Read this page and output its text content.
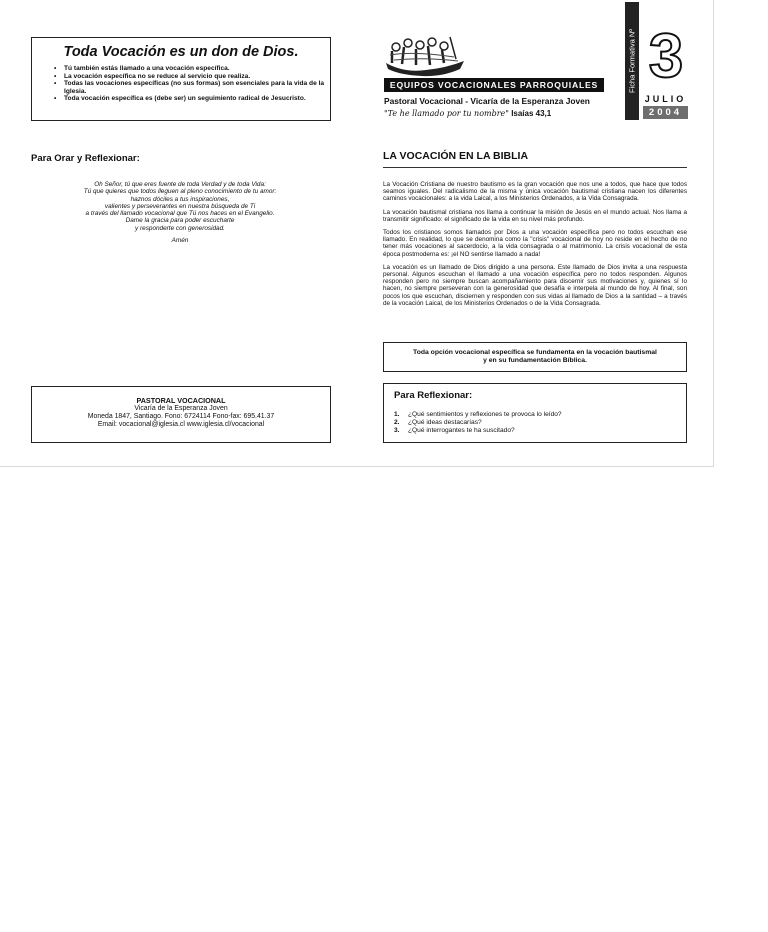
Toda Vocación es un don de Dios.
• Tú también estás llamado a una vocación específica.
• La vocación específica no se reduce al servicio que realiza.
• Todas las vocaciones específicas (no sus formas) son esenciales para la vida de la Iglesia.
• Toda vocación específica es (debe ser) un seguimiento radical de Jesucristo.
Para Orar y Reflexionar:
Oh Señor, tú que eres fuente de toda Verdad y de toda Vida:
Tú que quieres que todos lleguen al pleno conocimiento de tu amor:
haznos dóciles a tus inspiraciones,
valientes y perseverantes en nuestra búsqueda de Ti
a través del llamado vocacional que Tú nos haces en el Evangelio.
Dame la gracia para poder escucharte
y responderte con generosidad.
Amén
PASTORAL VOCACIONAL
Vicaría de la Esperanza Joven
Moneda 1847, Santiago. Fono: 6724114 Fono-fax: 695.41.37
Email: vocacional@iglesia.cl www.iglesia.cl/vocacional
EQUIPOS VOCACIONALES PARROQUIALES
Pastoral Vocacional - Vicaría de la Esperanza Joven
"Te he llamado por tu nombre" Isaías 43,1
Ficha Formativa Nº 3
JULIO
2004
LA VOCACIÓN EN LA BIBLIA

La Vocación Cristiana de nuestro bautismo es la gran vocación que nos une a todos, que hace que todos seamos iguales. Del radicalismo de la misma y única vocación bautismal cristiana nacen los diferentes caminos vocacionales: a la vida Laical, a los Ministerios Ordenados, a la Vida Consagrada.

La vocación bautismal cristiana nos llama a continuar la misión de Jesús en el mundo actual. Nos llama a transmitir significado: el significado de la vida en su nivel más profundo.

Todos los cristianos somos llamados por Dios a una vocación específica pero no todos escuchan ese llamado. En realidad, lo que se denomina como la "crisis" vocacional de hoy no reside en el hecho de no tener más vocaciones al sacerdocio, a la vida consagrada o al matrimonio. La crisis vocacional de esta época postmoderna es: ¡el NO sentirse llamado a nada!

La vocación es un llamado de Dios dirigido a una persona. Este llamado de Dios invita a una respuesta personal. Algunos escuchan el llamado a una vocación específica pero no todos responden. Algunos responden pero no siempre buscan acompañamiento para discernir sus motivaciones y, quienes sí lo hacen, no siempre perseveran con la generosidad que desafía e interpela al mundo de hoy. Al final, son pocos los que escuchan, disciernen y responden con sus vidas al llamado de Dios a la santidad – a través de la vocación Laical, de los Ministerios Ordenados o de la Vida Consagrada.

Toda opción vocacional específica se fundamenta en la vocación bautismal
y en su fundamentación Bíblica.
Para Reflexionar:
1. ¿Qué sentimientos y reflexiones te provoca lo leído?
2. ¿Qué ideas destacarías?
3. ¿Qué interrogantes te ha suscitado?
